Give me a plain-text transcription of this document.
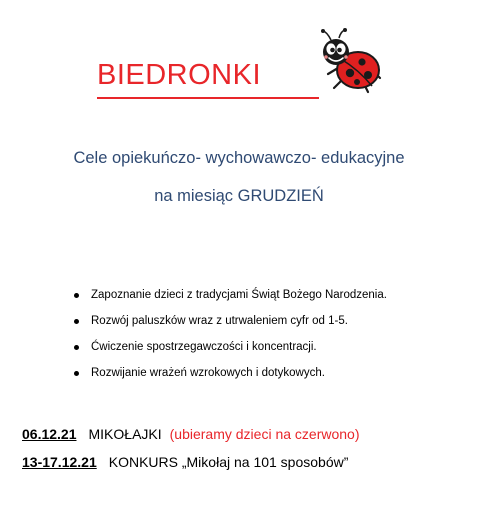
BIEDRONKI
Cele opiekuńczo- wychowawczo- edukacyjne
na miesiąc GRUDZIEŃ
Zapoznanie dzieci z tradycjami Świąt Bożego Narodzenia.
Rozwój paluszków wraz z utrwaleniem cyfr od 1-5.
Ćwiczenie spostrzegawczości i koncentracji.
Rozwijanie wrażeń wzrokowych i dotykowych.
06.12.21 MIKOŁAJKI (ubieramy dzieci na czerwono)
13-17.12.21 KONKURS „Mikołaj na 101 sposobów”
